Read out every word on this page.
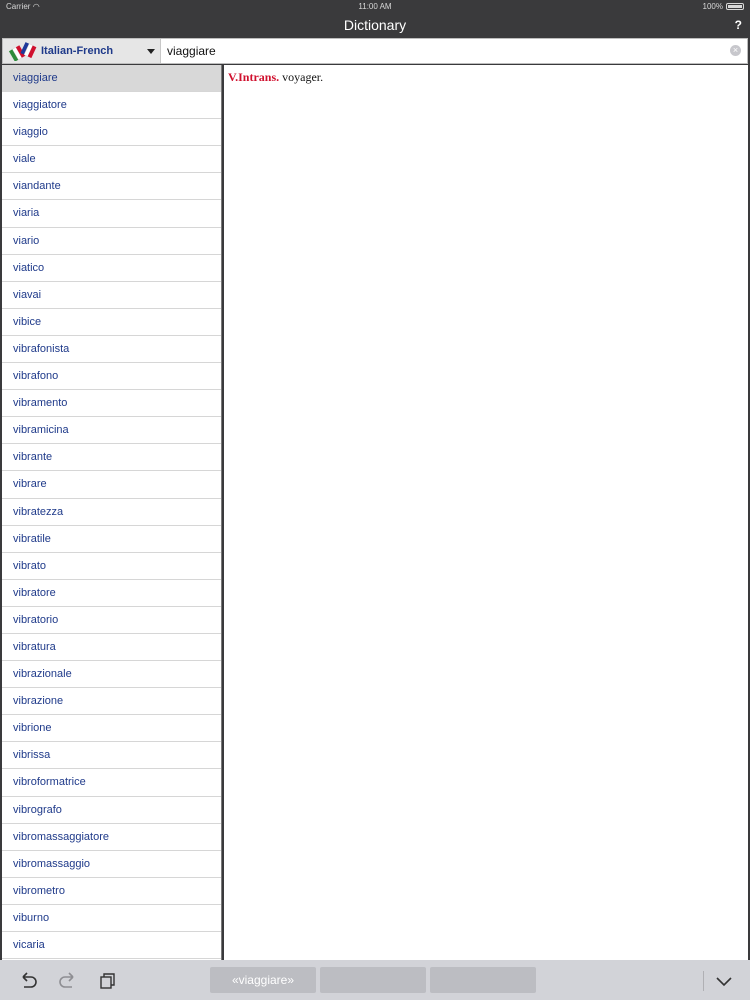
Carrier ◠	11:00 AM	100%
Dictionary	?
Italian-French
viaggiare	×
viaggiare
viaggiatore
viaggio
viale
viandante
viaria
viario
viatico
viavai
vibice
vibrafonista
vibrafono
vibramento
vibramicina
vibrante
vibrare
vibratezza
vibratile
vibrato
vibratore
vibratorio
vibratura
vibrazionale
vibrazione
vibrione
vibrissa
vibroformatrice
vibrografo
vibromassaggiatore
vibromassaggio
vibrometro
viburno
vicaria
V.Intrans. voyager.
«viaggiare»
